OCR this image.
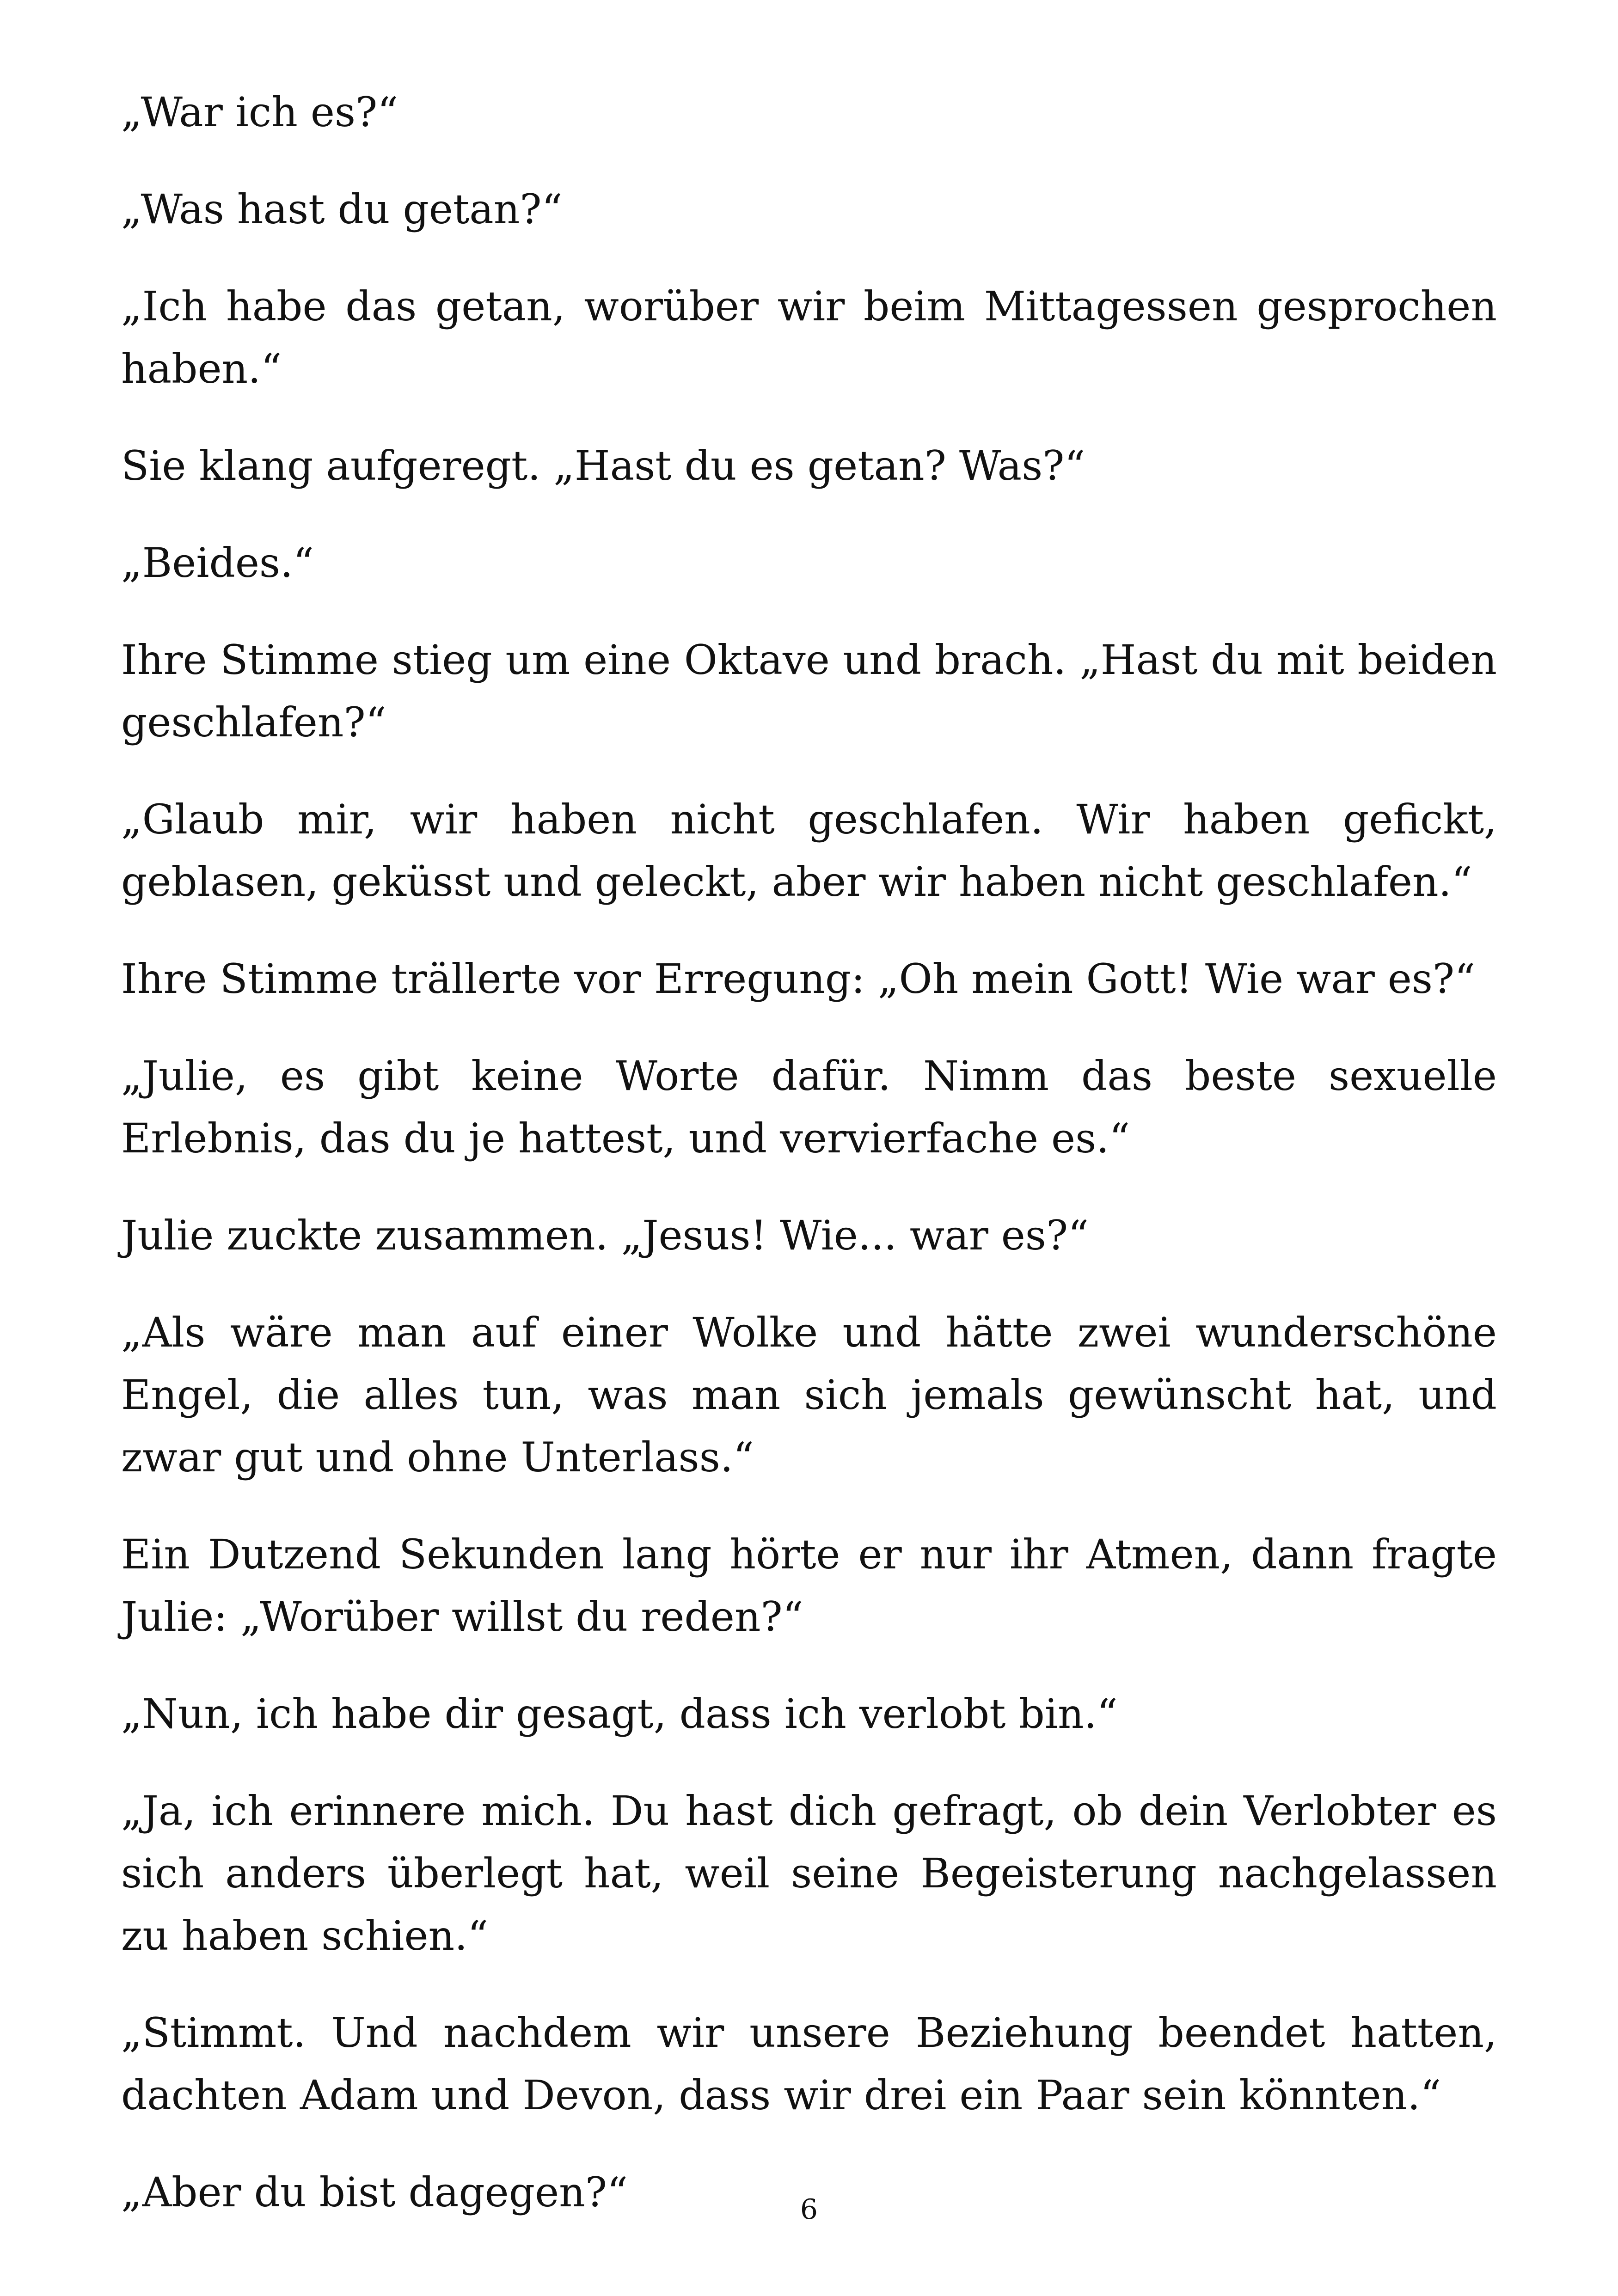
„War ich es?“

„Was hast du getan?“

„Ich habe das getan, worüber wir beim Mittagessen gesprochen haben.“

Sie klang aufgeregt. „Hast du es getan? Was?“

„Beides.“

Ihre Stimme stieg um eine Oktave und brach. „Hast du mit beiden geschlafen?“

„Glaub mir, wir haben nicht geschlafen. Wir haben gefickt, geblasen, geküsst und geleckt, aber wir haben nicht geschlafen.“

Ihre Stimme trällerte vor Erregung: „Oh mein Gott! Wie war es?“

„Julie, es gibt keine Worte dafür. Nimm das beste sexuelle Erlebnis, das du je hattest, und vervierfache es.“

Julie zuckte zusammen. „Jesus! Wie... war es?“

„Als wäre man auf einer Wolke und hätte zwei wunderschöne Engel, die alles tun, was man sich jemals gewünscht hat, und zwar gut und ohne Unterlass.“

Ein Dutzend Sekunden lang hörte er nur ihr Atmen, dann fragte Julie: „Worüber willst du reden?“

„Nun, ich habe dir gesagt, dass ich verlobt bin.“

„Ja, ich erinnere mich. Du hast dich gefragt, ob dein Verlobter es sich anders überlegt hat, weil seine Begeisterung nachgelassen zu haben schien.“

„Stimmt. Und nachdem wir unsere Beziehung beendet hatten, dachten Adam und Devon, dass wir drei ein Paar sein könnten.“

„Aber du bist dagegen?“	6
